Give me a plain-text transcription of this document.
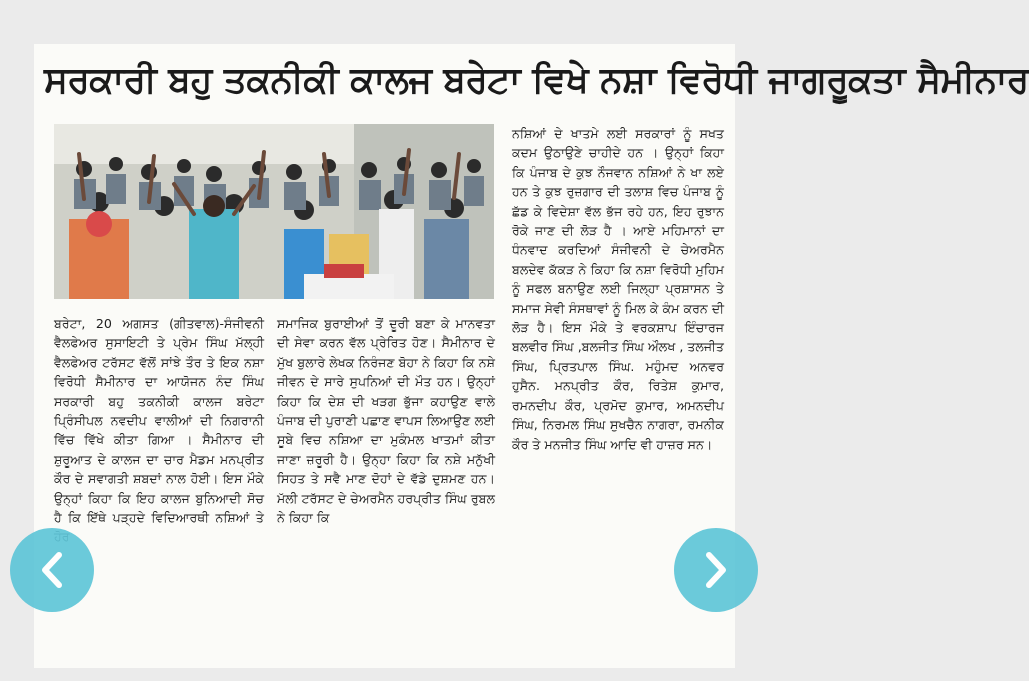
ਸਰਕਾਰੀ ਬਹੁ ਤਕਨੀਕੀ ਕਾਲਜ ਬਰੇਟਾ ਵਿਖੇ ਨਸ਼ਾ ਵਿਰੋਧੀ ਜਾਗਰੂਕਤਾ ਸੈਮੀਨਾਰ
ਬਰੇਟਾ, 20 ਅਗਸਤ (ਗੀਤਵਾਲ)-ਸੰਜੀਵਨੀ ਵੈਲਫੇਅਰ ਸੁਸਾਇਟੀ ਤੇ ਪ੍ਰੇਮ ਸਿੰਘ ਮੱਲ੍ਹੀ ਵੈਲਫੇਅਰ ਟਰੱਸਟ ਵੱਲੋਂ ਸਾਂਝੇ ਤੌਰ ਤੇ ਇਕ ਨਸ਼ਾ ਵਿਰੋਧੀ ਸੈਮੀਨਾਰ ਦਾ ਆਯੋਜਨ ਨੰਦ ਸਿੰਘ ਸਰਕਾਰੀ ਬਹੁ ਤਕਨੀਕੀ ਕਾਲਜ ਬਰੇਟਾ ਪ੍ਰਿੰਸੀਪਲ ਨਵਦੀਪ ਵਾਲੀਆਂ ਦੀ ਨਿਗਰਾਨੀ ਵਿੱਚ ਵਿੱਖੇ ਕੀਤਾ ਗਿਆ । ਸੈਮੀਨਾਰ ਦੀ ਸ਼ੁਰੂਆਤ ਦੇ ਕਾਲਜ ਦਾ ਚਾਰ ਮੈਡਮ ਮਨਪ੍ਰੀਤ ਕੌਰ ਦੇ ਸਵਾਗਤੀ ਸ਼ਬਦਾਂ ਨਾਲ ਹੋਈ। ਇਸ ਮੌਕੇ ਉਨ੍ਹਾਂ ਕਿਹਾ ਕਿ ਇਹ ਕਾਲਜ ਬੁਨਿਆਦੀ ਸੋਚ ਹੈ ਕਿ ਇੱਥੇ ਪੜ੍ਹਦੇ ਵਿਦਿਆਰਥੀ ਨਸ਼ਿਆਂ ਤੇ
ਸਮਾਜਿਕ ਬੁਰਾਈਆਂ ਤੋਂ ਦੂਰੀ ਬਣਾ ਕੇ ਮਾਨਵਤਾ ਦੀ ਸੇਵਾ ਕਰਨ ਵੱਲ ਪ੍ਰੇਰਿਤ ਹੋਣ। ਸੈਮੀਨਾਰ ਦੇ ਮੁੱਖ ਬੁਲਾਰੇ ਲੇਖਕ ਨਿਰੰਜਣ ਬੋਹਾ ਨੇ ਕਿਹਾ ਕਿ ਨਸ਼ੇ ਜੀਵਨ ਦੇ ਸਾਰੇ ਸੁਪਨਿਆਂ ਦੀ ਮੌਤ ਹਨ। ਉਨ੍ਹਾਂ ਕਿਹਾ ਕਿ ਦੇਸ਼ ਦੀ ਖੜਗ ਭੁੱਜਾ ਕਹਾਉਣ ਵਾਲੇ ਪੰਜਾਬ ਦੀ ਪੁਰਾਣੀ ਪਛਾਣ ਵਾਪਸ ਲਿਆਉਣ ਲਈ ਸੂਬੇ ਵਿਚ ਨਸ਼ਿਆ ਦਾ ਮੁਕੰਮਲ ਖਾਤਮਾਂ ਕੀਤਾ ਜਾਣਾ ਜ਼ਰੂਰੀ ਹੈ। ਉਨ੍ਹਾ ਕਿਹਾ ਕਿ ਨਸ਼ੇ ਮਨੁੱਖੀ ਸਿਹਤ ਤੇ ਸਵੈ ਮਾਣ ਦੋਹਾਂ ਦੇ ਵੱਡੇ ਦੁਸ਼ਮਣ ਹਨ। ਮੱਲੀ ਟਰੱਸਟ ਦੇ ਚੇਅਰਮੈਨ ਹਰਪ੍ਰੀਤ ਸਿੰਘ ਰੁਬਲ ਨੇ ਕਿਹਾ ਕਿ
ਨਸ਼ਿਆਂ ਦੇ ਖਾਤਮੇ ਲਈ ਸਰਕਾਰਾਂ ਨੂੰ ਸਖਤ ਕਦਮ ਉਠਾਉਣੇ ਚਾਹੀਦੇ ਹਨ । ਉਨ੍ਹਾਂ ਕਿਹਾ ਕਿ ਪੰਜਾਬ ਦੇ ਕੁਝ ਨੌਜਵਾਨ ਨਸ਼ਿਆਂ ਨੇ ਖਾ ਲਏ ਹਨ ਤੇ ਕੁਝ ਰੁਜ਼ਗਾਰ ਦੀ ਤਲਾਸ਼ ਵਿਚ ਪੰਜਾਬ ਨੂੰ ਛੱਡ ਕੇ ਵਿਦੇਸ਼ਾ ਵੱਲ ਭੱਜ ਰਹੇ ਹਨ, ਇਹ ਰੁਝਾਨ ਰੋਕੇ ਜਾਣ ਦੀ ਲੋੜ ਹੈ । ਆਏ ਮਹਿਮਾਨਾਂ ਦਾ ਧੰਨਵਾਦ ਕਰਦਿਆਂ ਸੰਜੀਵਨੀ ਦੇ ਚੇਅਰਮੈਨ ਬਲਦੇਵ ਕੱਕੜ ਨੇ ਕਿਹਾ ਕਿ ਨਸ਼ਾ ਵਿਰੋਧੀ ਮੁਹਿਮ ਨੂੰ ਸਫਲ ਬਨਾਉਣ ਲਈ ਜਿਲ੍ਹਾ ਪ੍ਰਸ਼ਾਸਨ ਤੇ ਸਮਾਜ ਸੇਵੀ ਸੰਸਥਾਵਾਂ ਨੂੰ ਮਿਲ ਕੇ ਕੰਮ ਕਰਨ ਦੀ ਲੋੜ ਹੈ। ਇਸ ਮੌਕੇ ਤੇ ਵਰਕਸ਼ਾਪ ਇੰਚਾਰਜ ਬਲਵੀਰ ਸਿੰਘ ,ਬਲਜੀਤ ਸਿੰਘ ਔਲਖ , ਤਲਜੀਤ ਸਿੰਘ, ਪ੍ਰਿਤਪਾਲ ਸਿੰਘ. ਮਹੁੰਮਦ ਅਨਵਰ ਹੁਸੈਨ. ਮਨਪ੍ਰੀਤ ਕੌਰ, ਰਿਤੇਸ਼ ਕੁਮਾਰ, ਰਮਨਦੀਪ ਕੌਰ, ਪ੍ਰਮੋਦ ਕੁਮਾਰ, ਅਮਨਦੀਪ ਸਿੰਘ, ਨਿਰਮਲ ਸਿੰਘ ਸੁਖਚੈਨ ਨਾਗਰਾ, ਰਮਨੀਕ ਕੌਰ ਤੇ ਮਨਜੀਤ ਸਿੰਘ ਆਦਿ ਵੀ ਹਾਜ਼ਰ ਸਨ।
